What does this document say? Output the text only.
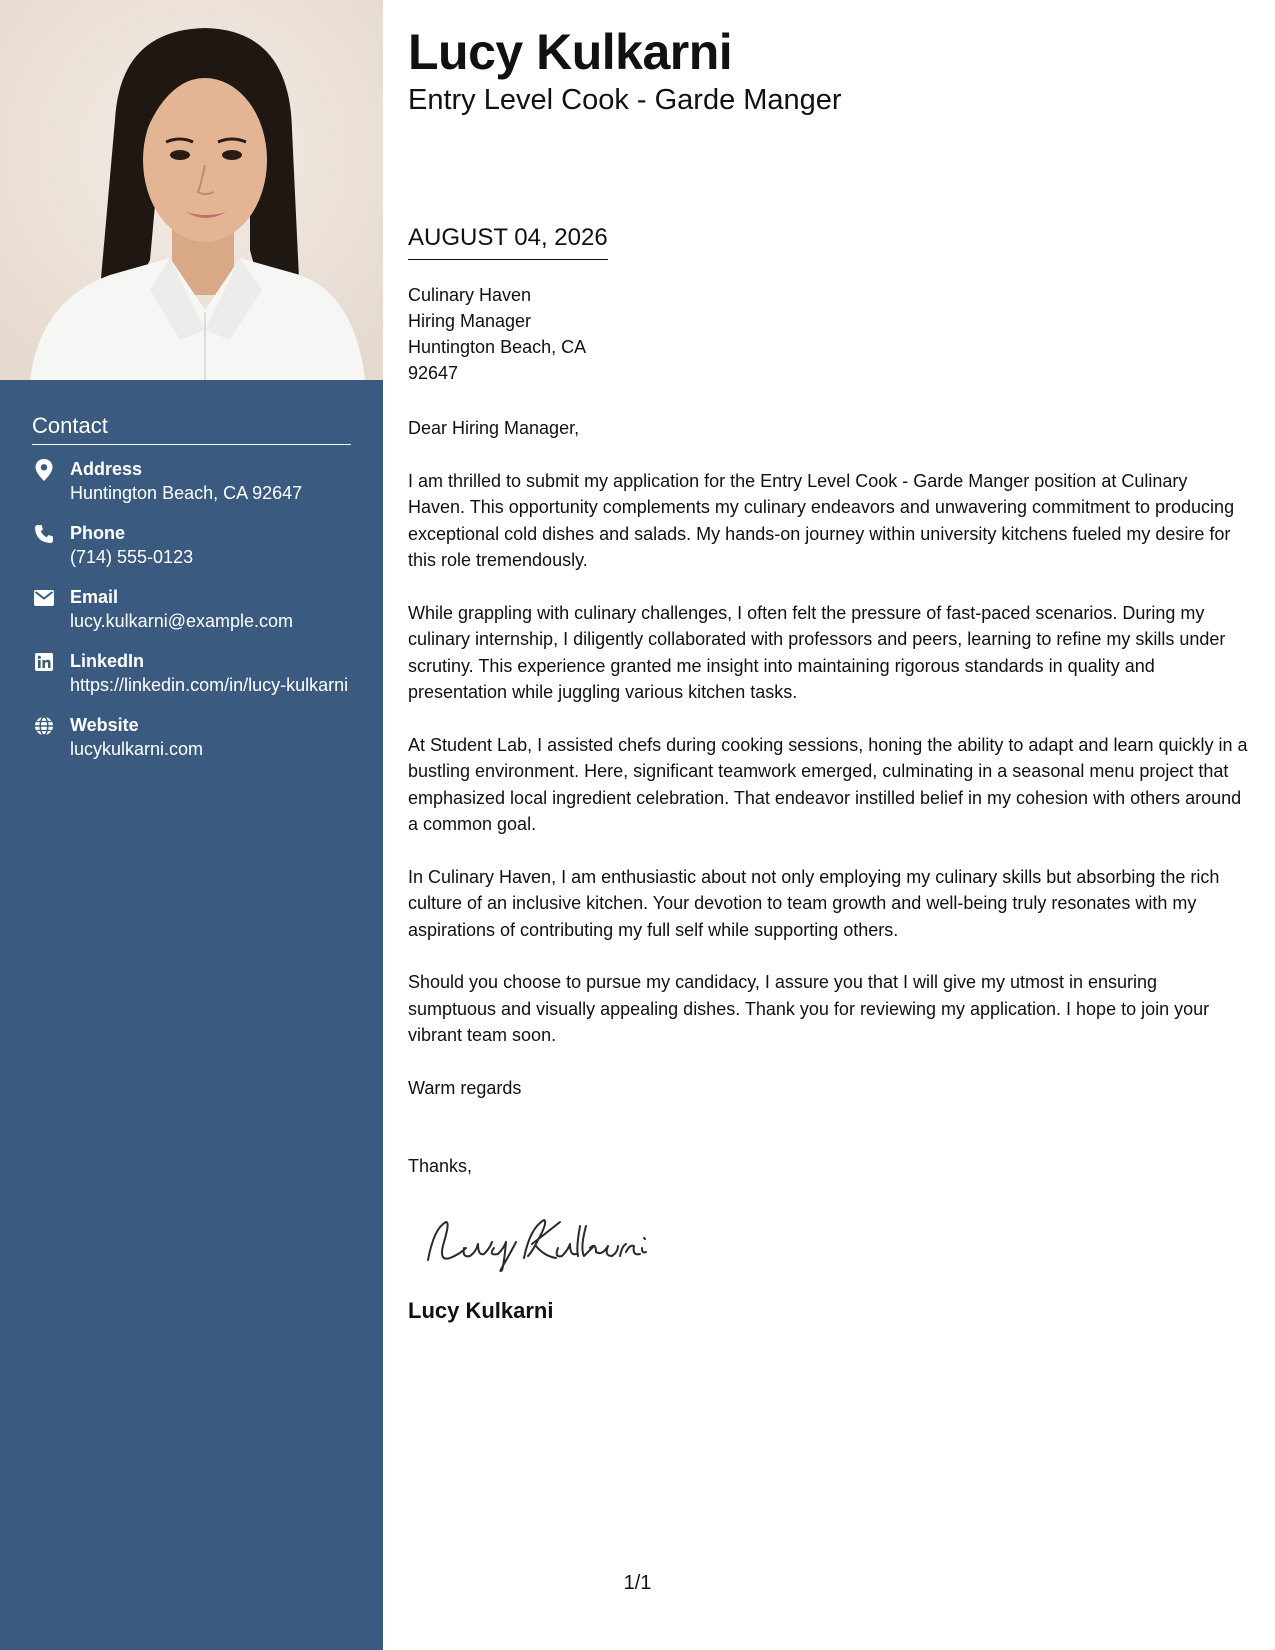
Contact
Address
Huntington Beach, CA 92647
Phone
(714) 555-0123
Email
lucy.kulkarni@example.com
LinkedIn
https://linkedin.com/in/lucy-kulkarni
Website
lucykulkarni.com
Lucy Kulkarni
Entry Level Cook - Garde Manger
AUGUST 04, 2026
Culinary Haven
Hiring Manager
Huntington Beach, CA
92647

Dear Hiring Manager,

I am thrilled to submit my application for the Entry Level Cook - Garde Manger position at Culinary Haven. This opportunity complements my culinary endeavors and unwavering commitment to producing exceptional cold dishes and salads. My hands-on journey within university kitchens fueled my desire for this role tremendously.

While grappling with culinary challenges, I often felt the pressure of fast-paced scenarios. During my culinary internship, I diligently collaborated with professors and peers, learning to refine my skills under scrutiny. This experience granted me insight into maintaining rigorous standards in quality and presentation while juggling various kitchen tasks.

At Student Lab, I assisted chefs during cooking sessions, honing the ability to adapt and learn quickly in a bustling environment. Here, significant teamwork emerged, culminating in a seasonal menu project that emphasized local ingredient celebration. That endeavor instilled belief in my cohesion with others around a common goal.

In Culinary Haven, I am enthusiastic about not only employing my culinary skills but absorbing the rich culture of an inclusive kitchen. Your devotion to team growth and well-being truly resonates with my aspirations of contributing my full self while supporting others.

Should you choose to pursue my candidacy, I assure you that I will give my utmost in ensuring sumptuous and visually appealing dishes. Thank you for reviewing my application. I hope to join your vibrant team soon.

Warm regards

Thanks,
Lucy Kulkarni
1/1
